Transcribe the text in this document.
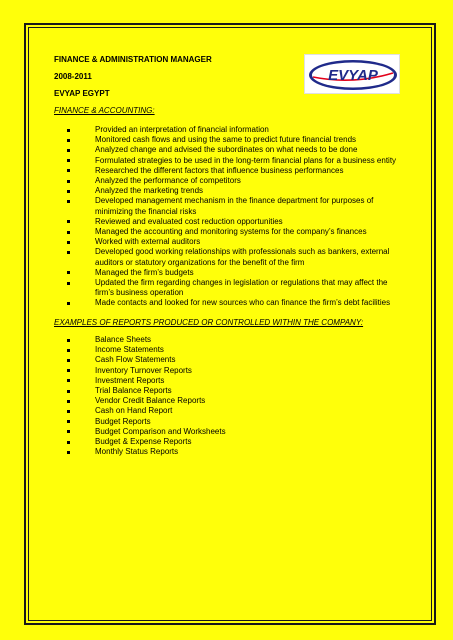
EVYAP

FINANCE & ADMINISTRATION MANAGER

2008-2011

EVYAP EGYPT

FINANCE & ACCOUNTING:

Provided an interpretation of financial information
Monitored cash flows and using the same to predict future financial trends
Analyzed change and advised the subordinates on what needs to be done
Formulated strategies to be used in the long-term financial plans for a business entity
Researched the different factors that influence business performances
Analyzed the performance of competitors
Analyzed the marketing trends
Developed management mechanism in the finance department for purposes of minimizing the financial risks
Reviewed and evaluated cost reduction opportunities
Managed the accounting and monitoring systems for the company’s finances
Worked with external auditors
Developed good working relationships with professionals such as bankers, external auditors or statutory organizations for the benefit of the firm
Managed the firm’s budgets
Updated the firm regarding changes in legislation or regulations that may affect the firm’s business operation
Made contacts and looked for new sources who can finance the firm’s debt facilities

EXAMPLES OF REPORTS PRODUCED OR CONTROLLED WITHIN THE COMPANY:

Balance Sheets
Income Statements
Cash Flow Statements
Inventory Turnover Reports
Investment Reports
Trial Balance Reports
Vendor Credit Balance Reports
Cash on Hand Report
Budget Reports
Budget Comparison and Worksheets
Budget & Expense Reports
Monthly Status Reports
